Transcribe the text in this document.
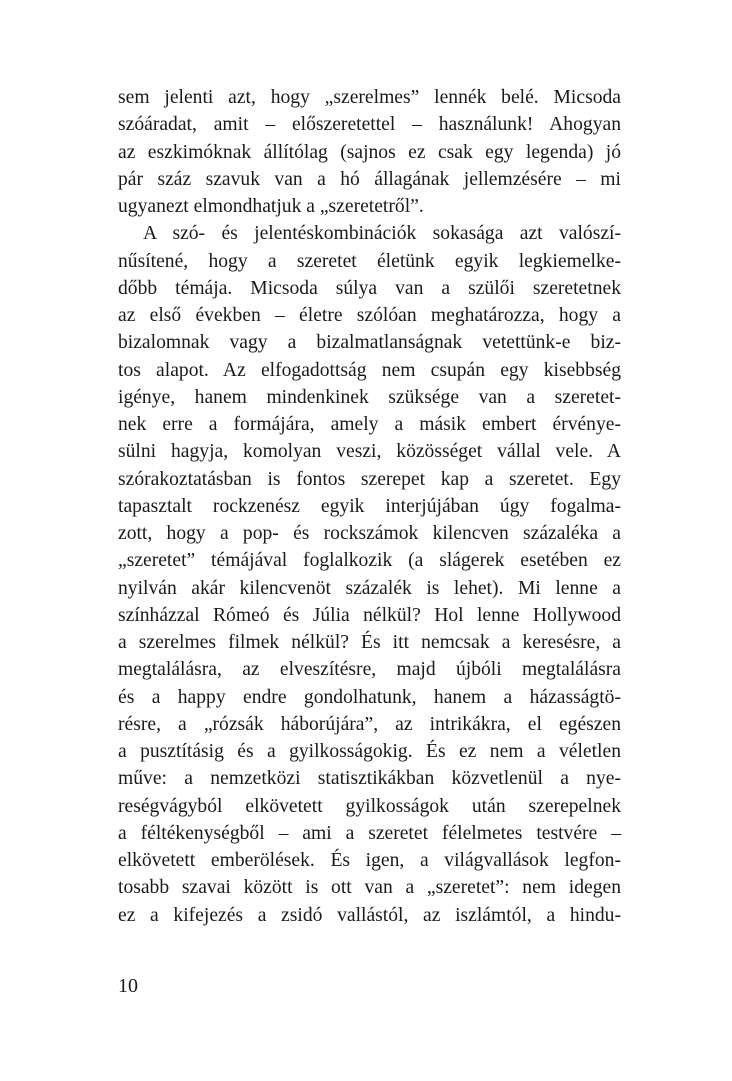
sem jelenti azt, hogy „szerelmes” lennék belé. Micsoda
szóáradat, amit – előszeretettel – használunk! Ahogyan
az eszkimóknak állítólag (sajnos ez csak egy legenda) jó
pár száz szavuk van a hó állagának jellemzésére – mi
ugyanezt elmondhatjuk a „szeretetről”.
A szó- és jelentéskombinációk sokasága azt valószí-
nűsítené, hogy a szeretet életünk egyik legkiemelke-
dőbb témája. Micsoda súlya van a szülői szeretetnek
az első években – életre szólóan meghatározza, hogy a
bizalomnak vagy a bizalmatlanságnak vetettünk-e biz-
tos alapot. Az elfogadottság nem csupán egy kisebbség
igénye, hanem mindenkinek szüksége van a szeretet-
nek erre a formájára, amely a másik embert érvénye-
sülni hagyja, komolyan veszi, közösséget vállal vele. A
szórakoztatásban is fontos szerepet kap a szeretet. Egy
tapasztalt rockzenész egyik interjújában úgy fogalma-
zott, hogy a pop- és rockszámok kilencven százaléka a
„szeretet” témájával foglalkozik (a slágerek esetében ez
nyilván akár kilencvenöt százalék is lehet). Mi lenne a
színházzal Rómeó és Júlia nélkül? Hol lenne Hollywood
a szerelmes filmek nélkül? És itt nemcsak a keresésre, a
megtalálásra, az elveszítésre, majd újbóli megtalálásra
és a happy endre gondolhatunk, hanem a házasságtö-
résre, a „rózsák háborújára”, az intrikákra, el egészen
a pusztításig és a gyilkosságokig. És ez nem a véletlen
műve: a nemzetközi statisztikákban közvetlenül a nye-
reségvágyból elkövetett gyilkosságok után szerepelnek
a féltékenységből – ami a szeretet félelmetes testvére –
elkövetett emberölések. És igen, a világvallások legfon-
tosabb szavai között is ott van a „szeretet”: nem idegen
ez a kifejezés a zsidó vallástól, az iszlámtól, a hindu-
10
